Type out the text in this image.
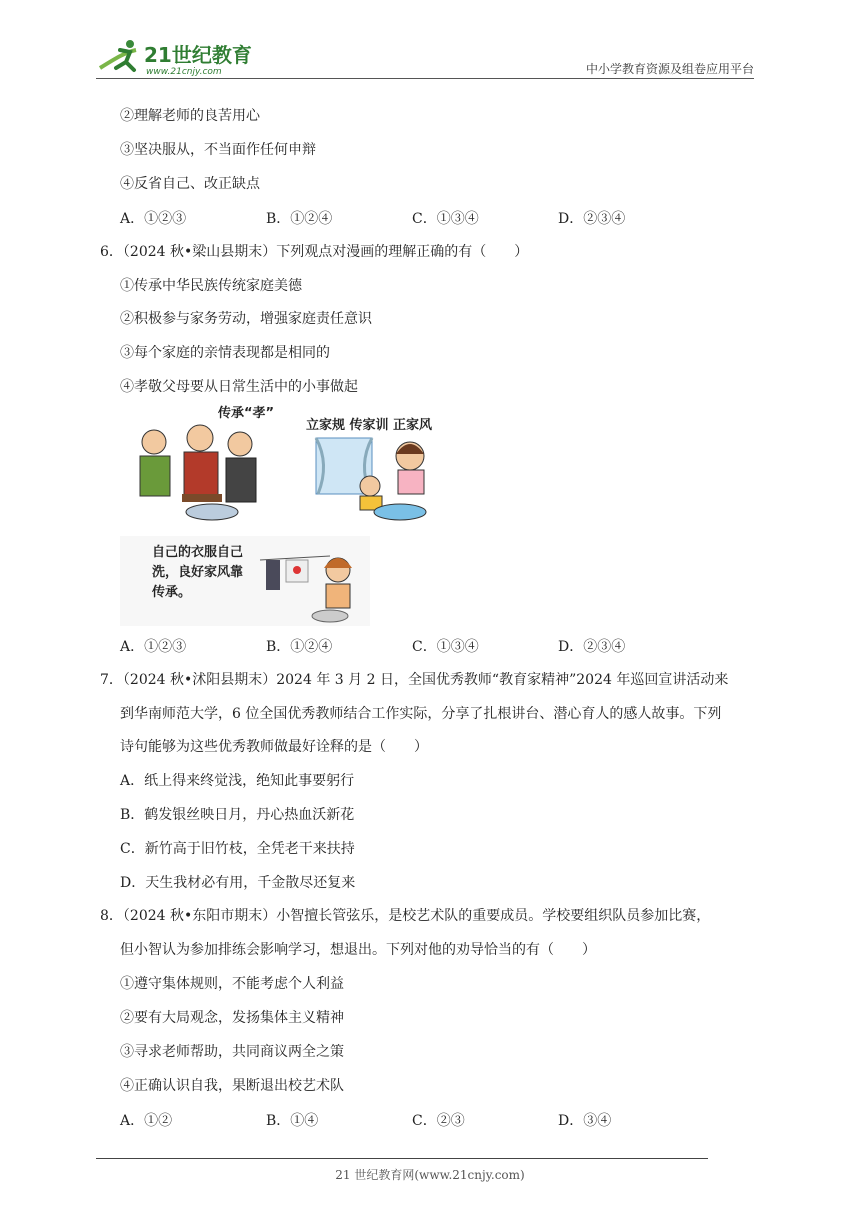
21世纪教育
www.21cnjy.com	中小学教育资源及组卷应用平台
②理解老师的良苦用心
③坚决服从，不当面作任何申辩
④反省自己、改正缺点
A．①②③	B．①②④	C．①③④	D．②③④
6．（2024 秋•梁山县期末）下列观点对漫画的理解正确的有（　　）
①传承中华民族传统家庭美德
②积极参与家务劳动，增强家庭责任意识
③每个家庭的亲情表现都是相同的
④孝敬父母要从日常生活中的小事做起
传承“孝”
立家规 传家训 正家风
自己的衣服自己
洗，良好家风靠
传承。
A．①②③	B．①②④	C．①③④	D．②③④
7．（2024 秋•沭阳县期末）2024 年 3 月 2 日，全国优秀教师“教育家精神”2024 年巡回宣讲活动来
到华南师范大学，6 位全国优秀教师结合工作实际，分享了扎根讲台、潜心育人的感人故事。下列
诗句能够为这些优秀教师做最好诠释的是（　　）
A．纸上得来终觉浅，绝知此事要躬行
B．鹤发银丝映日月，丹心热血沃新花
C．新竹高于旧竹枝，全凭老干来扶持
D．天生我材必有用，千金散尽还复来
8．（2024 秋•东阳市期末）小智擅长管弦乐，是校艺术队的重要成员。学校要组织队员参加比赛，
但小智认为参加排练会影响学习，想退出。下列对他的劝导恰当的有（　　）
①遵守集体规则，不能考虑个人利益
②要有大局观念，发扬集体主义精神
③寻求老师帮助，共同商议两全之策
④正确认识自我，果断退出校艺术队
A．①②	B．①④	C．②③	D．③④
21 世纪教育网(www.21cnjy.com)
